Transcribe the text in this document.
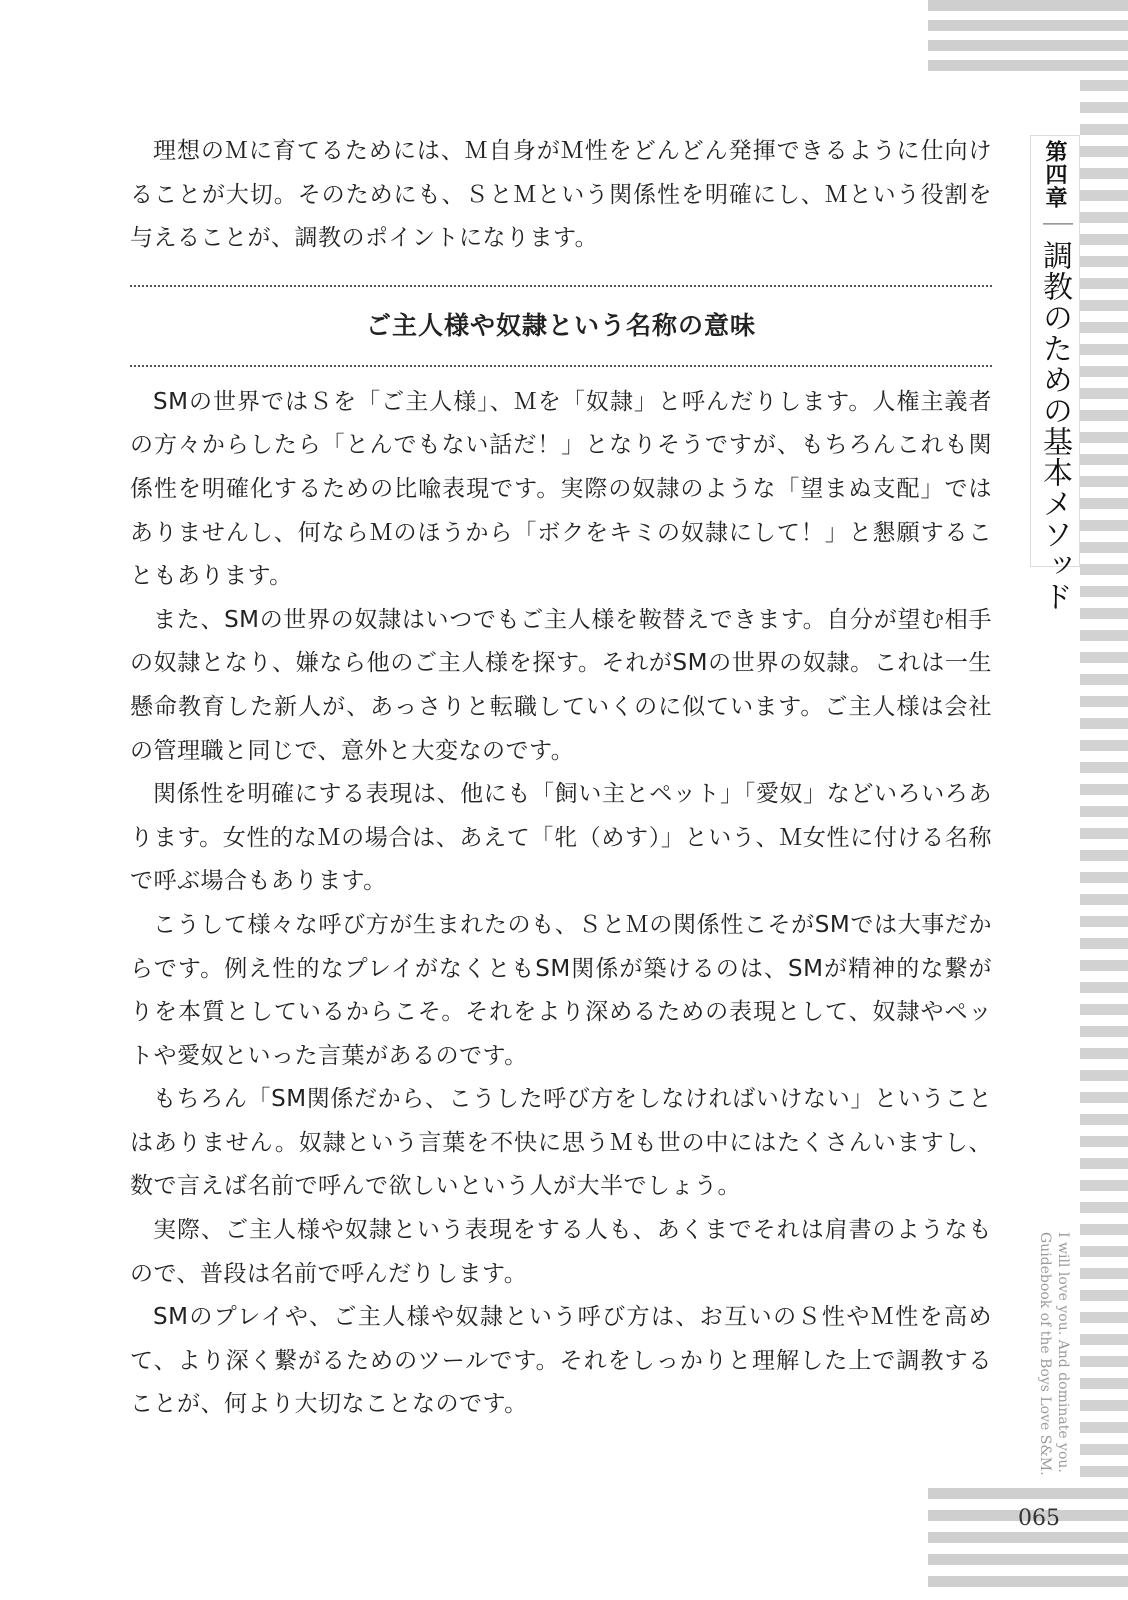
第四章｜調教のための基本メソッド
I will love you. And dominate you.
Guidebook of the Boys Love S&M.
065

理想のＭに育てるためには、Ｍ自身がＭ性をどんどん発揮できるように仕向けることが大切。そのためにも、ＳとＭという関係性を明確にし、Ｍという役割を与えることが、調教のポイントになります。

ご主人様や奴隷という名称の意味

SMの世界ではＳを「ご主人様」、Ｍを「奴隷」と呼んだりします。人権主義者の方々からしたら「とんでもない話だ！」となりそうですが、もちろんこれも関係性を明確化するための比喩表現です。実際の奴隷のような「望まぬ支配」ではありませんし、何ならＭのほうから「ボクをキミの奴隷にして！」と懇願することもあります。

また、SMの世界の奴隷はいつでもご主人様を鞍替えできます。自分が望む相手の奴隷となり、嫌なら他のご主人様を探す。それがSMの世界の奴隷。これは一生懸命教育した新人が、あっさりと転職していくのに似ています。ご主人様は会社の管理職と同じで、意外と大変なのです。

関係性を明確にする表現は、他にも「飼い主とペット」「愛奴」などいろいろあります。女性的なＭの場合は、あえて「牝（めす）」という、Ｍ女性に付ける名称で呼ぶ場合もあります。

こうして様々な呼び方が生まれたのも、ＳとＭの関係性こそがSMでは大事だからです。例え性的なプレイがなくともSM関係が築けるのは、SMが精神的な繋がりを本質としているからこそ。それをより深めるための表現として、奴隷やペットや愛奴といった言葉があるのです。

もちろん「SM関係だから、こうした呼び方をしなければいけない」ということはありません。奴隷という言葉を不快に思うＭも世の中にはたくさんいますし、数で言えば名前で呼んで欲しいという人が大半でしょう。

実際、ご主人様や奴隷という表現をする人も、あくまでそれは肩書のようなもので、普段は名前で呼んだりします。

SMのプレイや、ご主人様や奴隷という呼び方は、お互いのＳ性やＭ性を高めて、より深く繋がるためのツールです。それをしっかりと理解した上で調教することが、何より大切なことなのです。
